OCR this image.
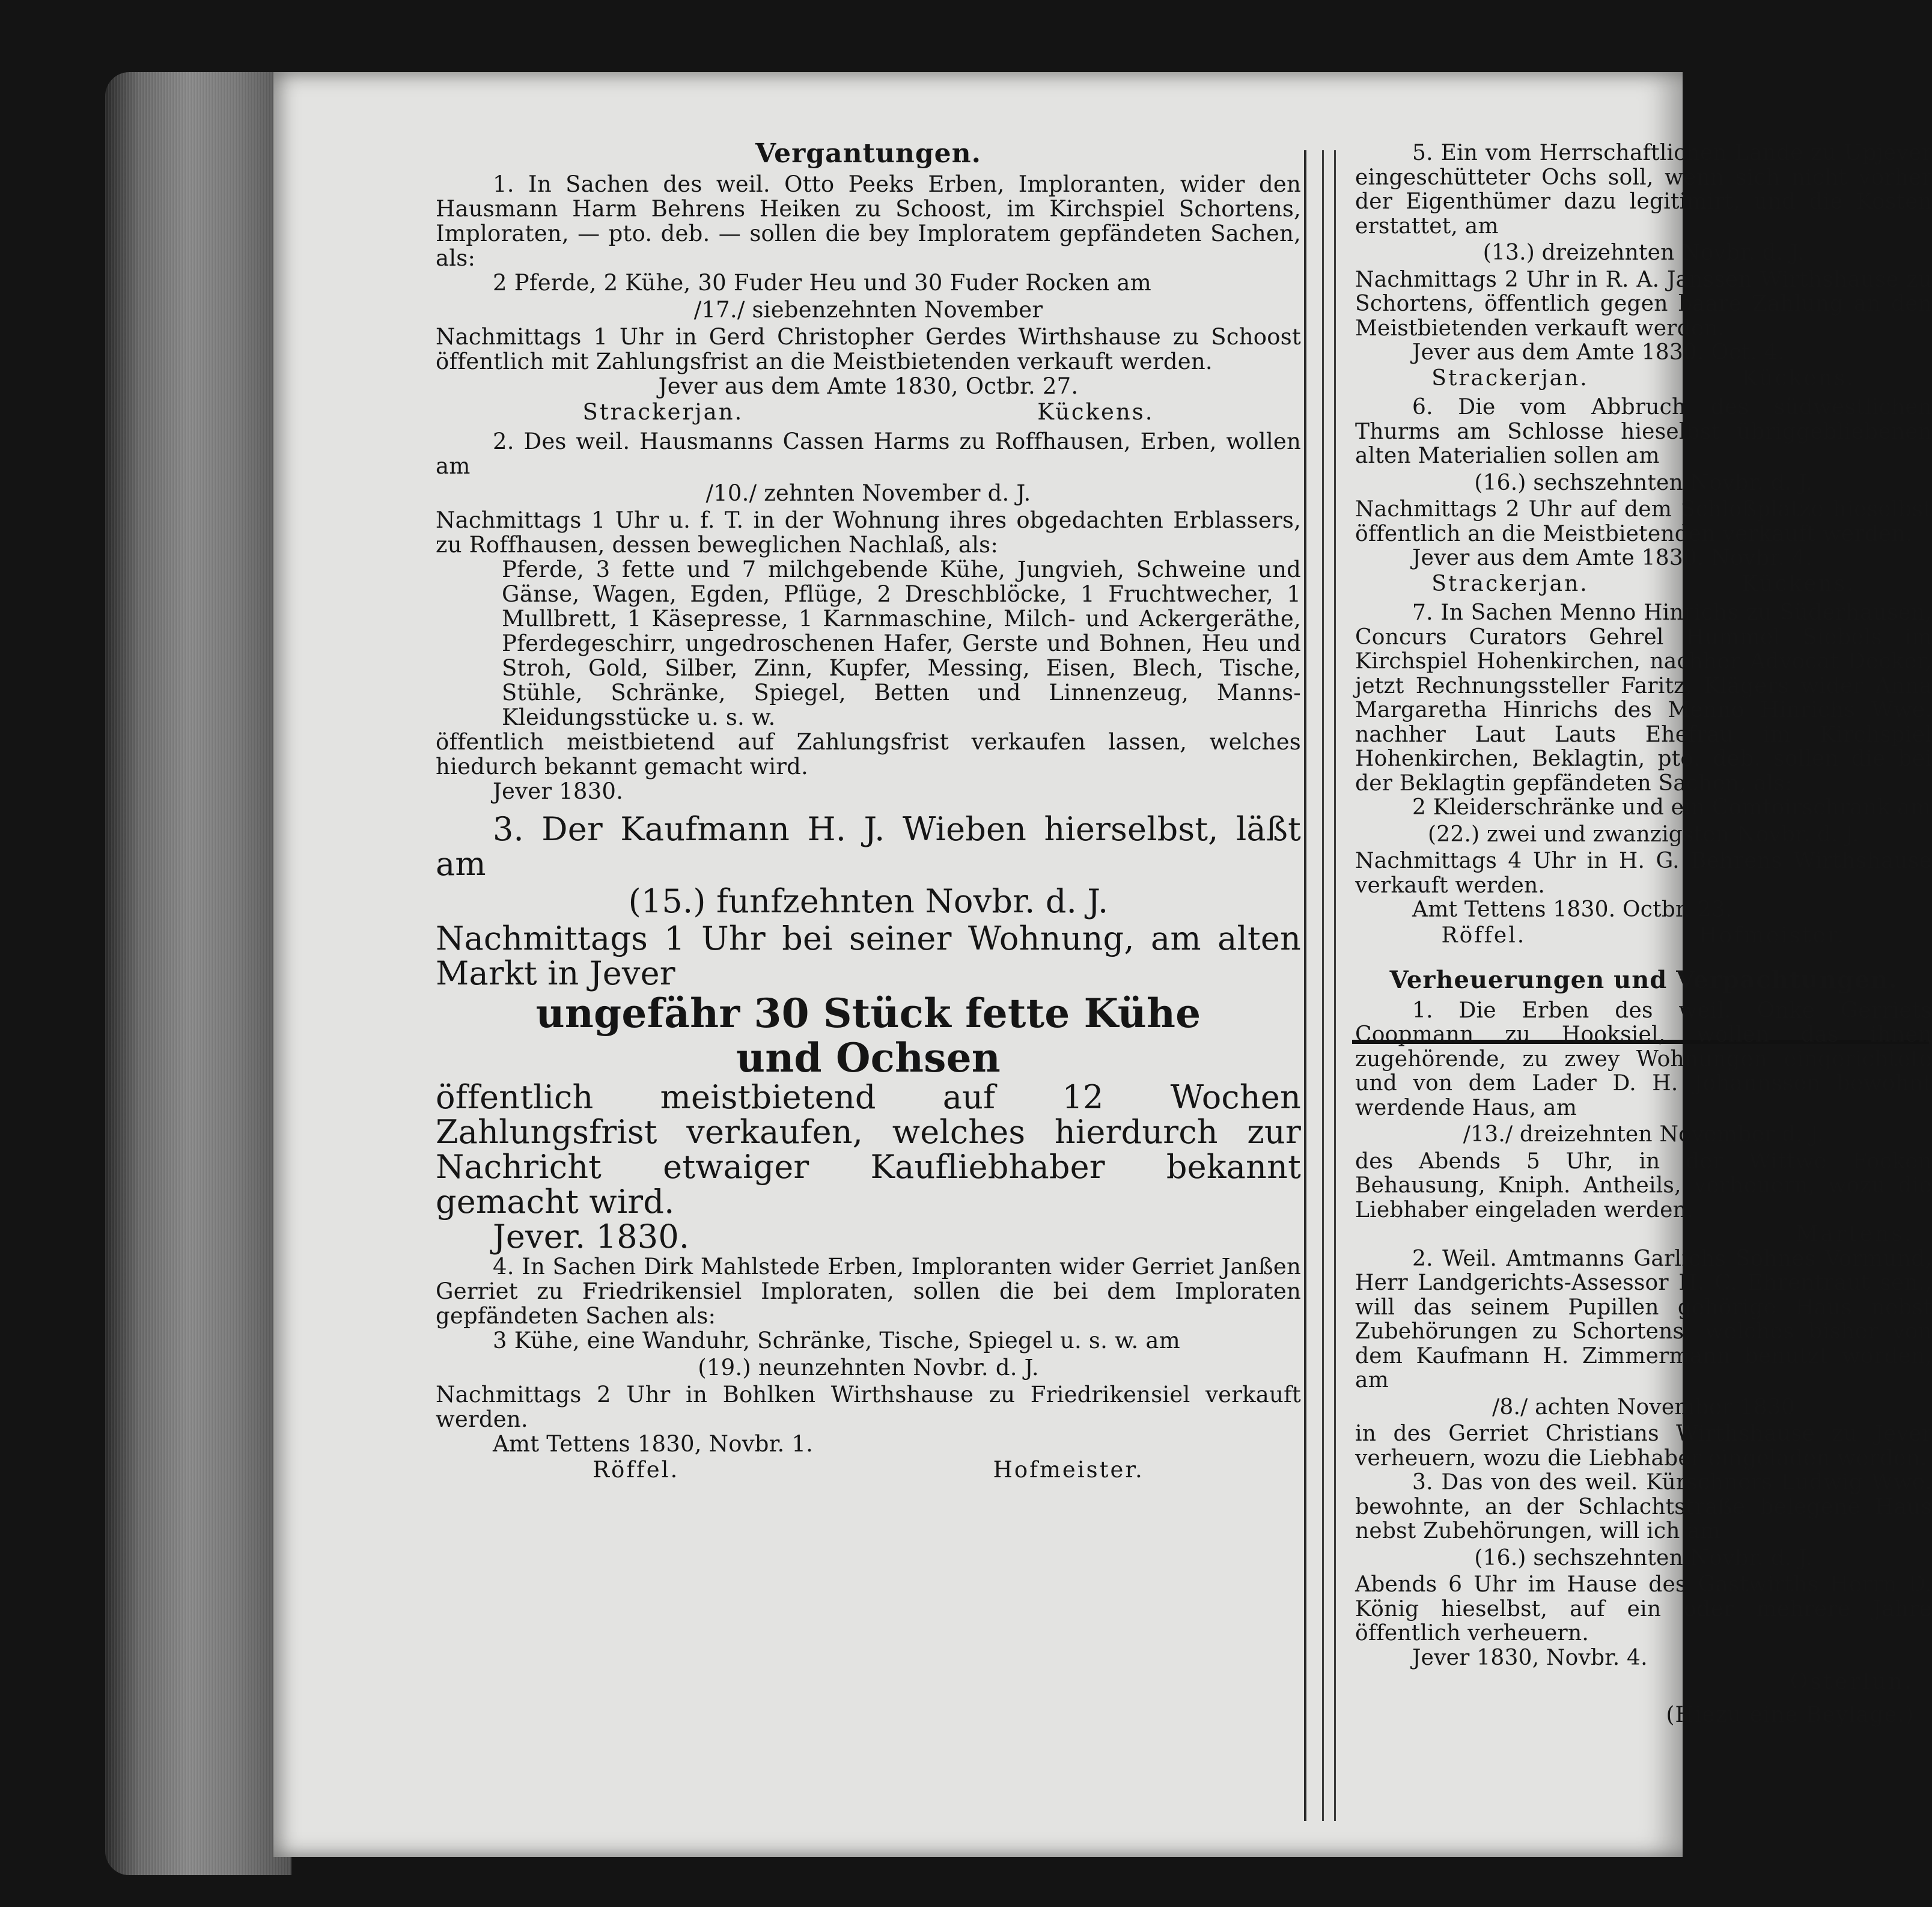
Vergantungen.

1. In Sachen des weil. Otto Peeks Erben, Imploranten, wider den Hausmann Harm Behrens Heiken zu Schoost, im Kirchspiel Schortens, Imploraten, — pto. deb. — sollen die bey Imploratem gepfändeten Sachen, als:

2 Pferde, 2 Kühe, 30 Fuder Heu und 30 Fuder Rocken am

/17./ siebenzehnten November

Nachmittags 1 Uhr in Gerd Christopher Gerdes Wirthshause zu Schoost öffentlich mit Zahlungsfrist an die Meistbietenden verkauft werden.

Jever aus dem Amte 1830, Octbr. 27.

Strackerjan.	Kückens.

2. Des weil. Hausmanns Cassen Harms zu Roffhausen, Erben, wollen am

/10./ zehnten November d. J.

Nachmittags 1 Uhr u. f. T. in der Wohnung ihres obgedachten Erblassers, zu Roffhausen, dessen beweglichen Nachlaß, als:

Pferde, 3 fette und 7 milchgebende Kühe, Jungvieh, Schweine und Gänse, Wagen, Egden, Pflüge, 2 Dreschblöcke, 1 Fruchtwecher, 1 Mullbrett, 1 Käsepresse, 1 Karnmaschine, Milch- und Ackergeräthe, Pferdegeschirr, ungedroschenen Hafer, Gerste und Bohnen, Heu und Stroh, Gold, Silber, Zinn, Kupfer, Messing, Eisen, Blech, Tische, Stühle, Schränke, Spiegel, Betten und Linnenzeug, Manns-Kleidungsstücke u. s. w.

öffentlich meistbietend auf Zahlungsfrist verkaufen lassen, welches hiedurch bekannt gemacht wird.

Jever 1830.

3. Der Kaufmann H. J. Wieben hierselbst, läßt am

(15.) funfzehnten Novbr. d. J.

Nachmittags 1 Uhr bei seiner Wohnung, am alten Markt in Jever

ungefähr 30 Stück fette Kühe

und Ochsen

öffentlich meistbietend auf 12 Wochen Zahlungsfrist verkaufen, welches hierdurch zur Nachricht etwaiger Kaufliebhaber bekannt gemacht wird.

Jever. 1830.

4. In Sachen Dirk Mahlstede Erben, Imploranten wider Gerriet Janßen Gerriet zu Friedrikensiel Imploraten, sollen die bei dem Imploraten gepfändeten Sachen als:

3 Kühe, eine Wanduhr, Schränke, Tische, Spiegel u. s. w. am

(19.) neunzehnten Novbr. d. J.

Nachmittags 2 Uhr in Bohlken Wirthshause zu Friedrikensiel verkauft werden.

Amt Tettens 1830, Novbr. 1.

Röffel.	Hofmeister.

5. Ein vom Herrschaftlichen Lande zu Upjever eingeschütteter Ochs soll, wenn sich nicht vorher der Eigenthümer dazu legitimirt, und die Kosten erstattet, am

(13.) dreizehnten Novbr. d. J.

Nachmittags 2 Uhr in R. A. Janssen Wirthshause zu Schortens, öffentlich gegen baare Zahlung an den Meistbietenden verkauft werden.

Jever aus dem Amte 1830. Oct. 4.

Strackerjan.	Kückens.

6. Die vom Abbruch des südwestlichen Thurms am Schlosse hieselbst übriggebliebenen alten Materialien sollen am

(16.) sechszehnten Novbr. d. J.

Nachmittags 2 Uhr auf dem Schloßplatze hieselbst öffentlich an die Meistbietenden verkauft werden.

Jever aus dem Amte 1830. Novbr. 4.

Strackerjan.	Kückens.

7. In Sachen Menno Hinrichs zu Süderhausen, Concurs Curators Gehrel Hummel Siebels im Kirchspiel Hohenkirchen, nachher Advocat Decker, jetzt Rechnungssteller Faritz, Klägers wider Anna Margaretha Hinrichs des Menno Hinrichs Wwe. nachher Laut Lauts Ehefrau im Kirchspiel Hohenkirchen, Beklagtin, pto. deb. sollen die bei der Beklagtin gepfändeten Sachen, als:

2 Kleiderschränke und ein Comtoirschrank am

(22.) zwei und zwanzigsten Novbr. d. J.

Nachmittags 4 Uhr in H. G. Behrens Wirthshause verkauft werden.

Amt Tettens 1830. Octbr. 23.

Röffel.	Hofmeister.
Verheuerungen und Verpachtungen.

1. Die Erben des weil. Onke Gerriets Coopmann zu Hooksiel, wollen das ihnen zugehörende, zu zwey Wohnungen eingerichtete und von dem Lader D. H. Johannssen bewohnt werdende Haus, am

/13./ dreizehnten November d. J.

des Abends 5 Uhr, in der Wittwe Focken Behausung, Kniph. Antheils, verheuern, wozu die Liebhaber eingeladen werden.

Martens.

2. Weil. Amtmanns Garlichs Sohnes Vormund, Herr Landgerichts-Assessor H. C. Ehrentraut sen., will das seinem Pupillen gehörige Haus nebst Zubehörungen zu Schortens, welches bisher von dem Kaufmann H. Zimmermann benutzt worden, am

/8./ achten November 1830

in des Gerriet Christians Wirthshause zu Jever verheuern, wozu die Liebhaber eingeladen werden.

3. Das von des weil. Kürschners Ludwig Wwe. bewohnte, an der Schlachtstraße belegene Haus nebst Zubehörungen, will ich am

(16.) sechszehnten Novbr. d. J.

Abends 6 Uhr im Hause des Gastwirths Herrn D. König hieselbst, auf ein oder mehrere Jahre öffentlich verheuern.

Jever 1830, Novbr. 4.

Osterlun.

(Hiezu eine Beylage.)
